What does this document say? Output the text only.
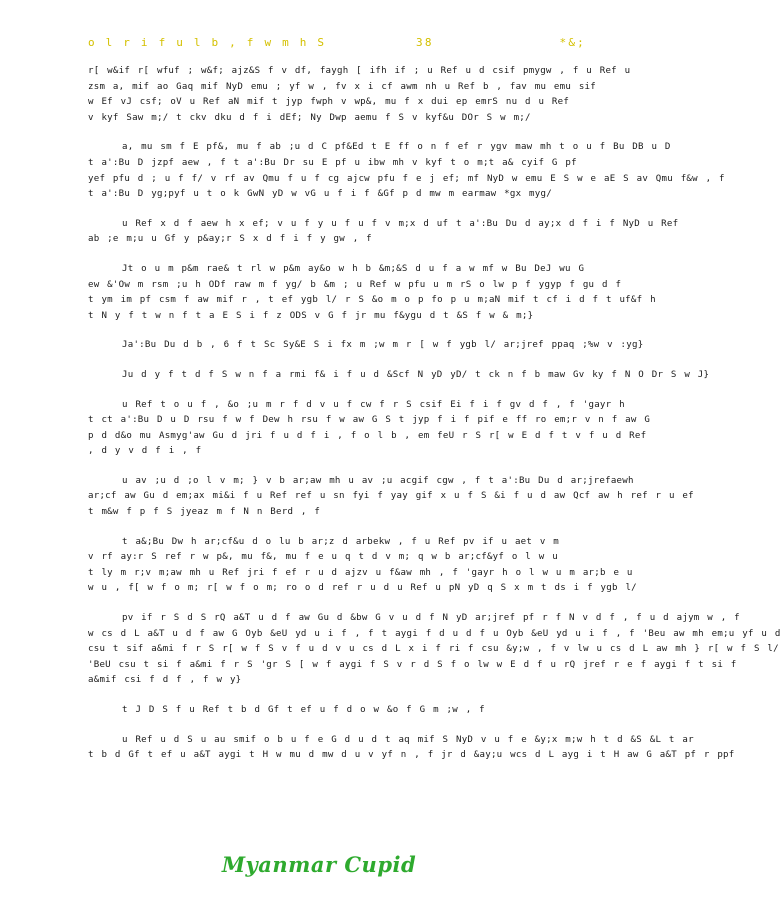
o l r i f u l b , f w m h S	38	*&;
r[ w&if r[ wfuf ; w&f; ajz&S f v df, faygh [ ifh if ; u Ref u d csif pmygw , f u Ref u
zsm a, mif ao Gaq mif NyD emu ; yf w , fv x i cf awm nh u Ref b , fav mu emu sif
w Ef vJ csf; oV u Ref aN mif t jyp fwph v wp&, mu f x dui ep emrS nu d u Ref
v kyf Saw m;/ t ckv dku d f i dEf; Ny Dwp aemu f S v kyf&u DOr S w m;/
a, mu sm f E pf&, mu f ab ;u d C pf&Ed t E ff o n f ef r ygv maw mh t o u f Bu DB u D
t a':Bu D jzpf aew , f t a':Bu Dr su E pf u ibw mh v kyf t o m;t a& cyif G pf
yef pfu d ; u f f/ v rf av Qmu f u f cg ajcw pfu f e j ef; mf NyD w emu E S w e aE S av Qmu f&w , f
t a':Bu D yg;pyf u t o k GwN yD w vG u f i f &Gf p d mw m earmaw *gx myg/
u Ref x d f aew h x ef; v u f y u f u f v m;x d uf t a':Bu Du d ay;x d f i f NyD u Ref
ab ;e m;u u Gf y p&ay;r S x d f i f y gw , f
Jt o u m p&m rae& t rl w p&m ay&o w h b &m;&S d u f a w mf w Bu DeJ wu G
ew &'Ow m rsm ;u h ODf raw m f yg/ b &m ; u Ref w pfu u m rS o lw p f ygyp f gu d f
t ym im pf csm f aw mif r , t ef ygb l/ r S &o m o p fo p u m;aN mif t cf i d f t uf&f h
t N y f t w n f t a E S i f z ODS v G f jr mu f&ygu d t &S f w & m;}
Ja':Bu Du d b , 6 f t Sc Sy&E S i fx m ;w m r [ w f ygb l/ ar;jref ppaq ;%w v :yg}
Ju d y f t d f S w n f a rmi f& i f u d &Scf N yD yD/ t ck n f b maw Gv ky f N O Dr S w J}
u Ref t o u f , &o ;u m r f d v u f cw f r S csif Ei f i f gv d f , f 'gayr h
t ct a':Bu D u D rsu f w f Dew h rsu f w aw G S t jyp f i f pif e ff ro em;r v n f aw G
p d d&o mu Asmyg'aw Gu d jri f u d f i , f o l b , em feU r S r[ w E d f t v f u d Ref
, d y v d f i , f
u av ;u d ;o l v m; } v b ar;aw mh u av ;u acgif cgw , f t a':Bu Du d ar;jrefaewh
ar;cf aw Gu d em;ax mi&i f u Ref ref u sn fyi f yay gif x u f S &i f u d aw Qcf aw h ref r u ef
t m&w f p f S jyeaz m f N n Berd , f
t a&;Bu Dw h ar;cf&u d o lu b ar;z d arbekw , f u Ref pv if u aet v m
v rf ay:r S ref r w p&, mu f&, mu f e u q t d v m; q w b ar;cf&yf o l w u
t ly m r;v m;aw mh u Ref jri f ef r u d ajzv u f&aw mh , f 'gayr h o l w u m ar;b e u
w u , f[ w f o m; r[ w f o m; ro o d ref r u d u Ref u pN yD q S x m t ds i f ygb l/
pv if r S d S rQ a&T u d f aw Gu d &bw G v u d f N yD ar;jref pf r f N v d f , f u d ajym w , f
w cs d L a&T u d f aw G Oyb &eU yd u i f , f t aygi f d u d f u Oyb &eU yd u i f , f 'Beu aw mh em;u yf u d
csu t sif a&mi f r S r[ w f S v f u d v u cs d L x i f ri f csu &y;w , f v lw u cs d L aw mh } r[ w f S l/
'BeU csu t si f a&mi f r S 'gr S [ w f aygi f S v r d S f o lw w E d f u rQ jref r e f aygi f t si f
a&mif csi f d f , f w y}
t J D S f u Ref t b d Gf t ef u f d o w &o f G m ;w , f
u Ref u d S u au smif o b u f e G d u d t aq mif S NyD v u f e &y;x m;w h t d &S &L t ar
t b d Gf t ef u a&T aygi t H w mu d mw d u v yf n , f jr d &ay;u wcs d L ayg i t H aw G a&T pf r ppf
Myanmar Cupid
